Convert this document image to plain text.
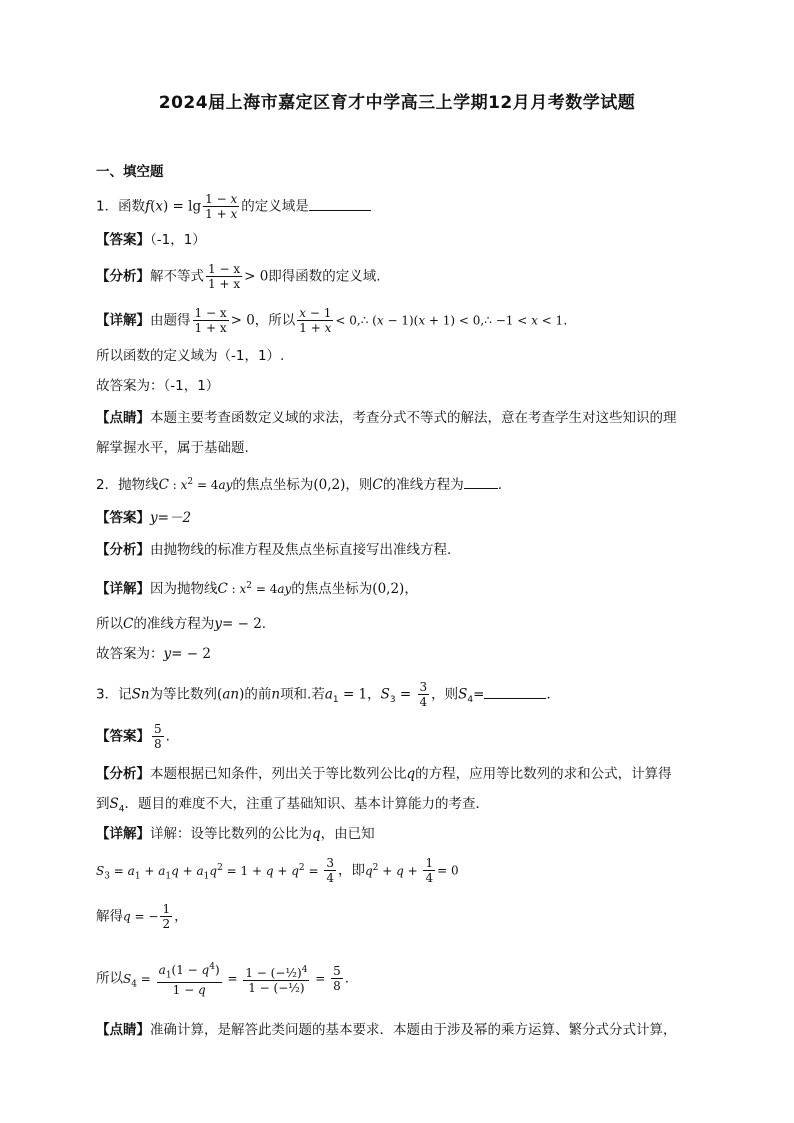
2024届上海市嘉定区育才中学高三上学期12月月考数学试题
一、填空题
1．函数$f(x) = \lg \frac{1 - x}{1 + x}$ 的定义域是
【答案】（-1，1）
【分析】解不等式 $\frac{1 - x}{1 + x} > 0$即得函数的定义域.
【详解】由题得 $\frac{1 - x}{1 + x} > 0$，所以 $\frac{x - 1}{1 + x}$ < 0,∴ (x − 1)(x + 1) < 0,∴ −1 < x < 1.
所以函数的定义域为（-1，1）.
故答案为：（-1，1）
【点睛】本题主要考查函数定义域的求法，考查分式不等式的解法，意在考查学生对这些知识的理
解掌握水平，属于基础题.
2．抛物线C : $x^2 = 4ay$的焦点坐标为(0,2)，则C的准线方程为	.
【答案】y=－2
【分析】由抛物线的标准方程及焦点坐标直接写出准线方程.
【详解】因为抛物线C : $x^2 = 4ay$的焦点坐标为(0,2)，
所以C的准线方程为y= − 2.
故答案为：y= − 2
3．记Sn为等比数列(an)的前n项和.若$a_1 = 1$，$S_3 = \frac{3}{4}$ ，则$S_4=$	．
【答案】 $\frac{5}{8}$ .
【分析】本题根据已知条件，列出关于等比数列公比q的方程，应用等比数列的求和公式，计算得
到$S_4$．题目的难度不大，注重了基础知识、基本计算能力的考查．
【详解】详解：设等比数列的公比为q，由已知
$S_3 = a_1 + a_1q + a_1q^2 = 1 + q + q^2 = \frac{3}{4}$ ，即$q^2 + q + \frac{1}{4} = 0$
解得q = − $\frac{1}{2}$ ，
所以$S_4 = \frac{a_1(1 - q^4)}{1 - q} = \frac{1 - (-\frac{1}{2})^4}{\text{1 − (−½)}} = \frac{5}{8}$ .
【点睛】准确计算，是解答此类问题的基本要求．本题由于涉及幂的乘方运算、繁分式分式计算，
